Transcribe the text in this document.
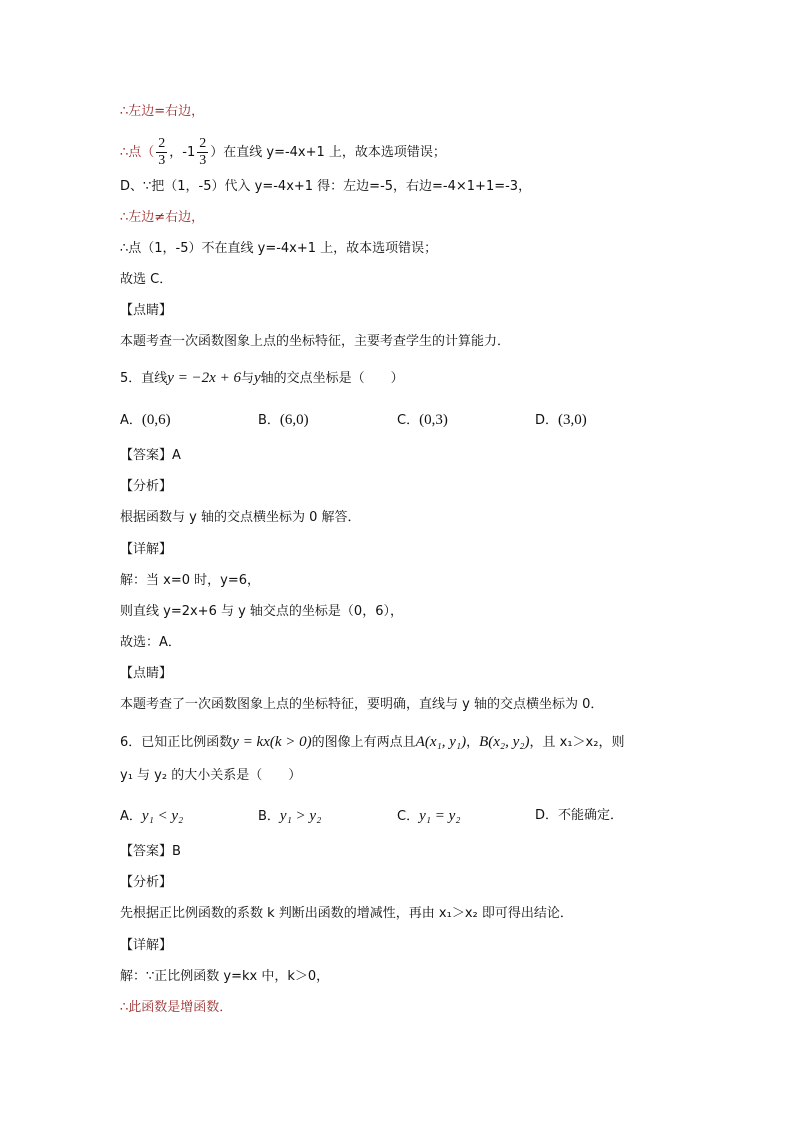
∴左边=右边，
∴点（ $\frac{2}{3}$ ，$-1 \frac{2}{3}$ ）在直线 y=-4x+1 上，故本选项错误；
D、∵把（1，-5）代入 y=-4x+1 得：左边=-5，右边=-4×1+1=-3，
∴左边≠右边，
∴点（1，-5）不在直线 y=-4x+1 上，故本选项错误；
故选 C．
【点睛】
本题考查一次函数图象上点的坐标特征，主要考查学生的计算能力．
5．直线y = −2x + 6与y轴的交点坐标是（　　）
A．(0,6)	B．(6,0)	C．(0,3)	D．(3,0)
【答案】A
【分析】
根据函数与 y 轴的交点横坐标为 0 解答．
【详解】
解：当 x=0 时，y=6，
则直线 y=2x+6 与 y 轴交点的坐标是（0，6），
故选：A．
【点睛】
本题考查了一次函数图象上点的坐标特征，要明确，直线与 y 轴的交点横坐标为 0．
6．已知正比例函数y = kx(k > 0)的图像上有两点且A(x₁, y₁)，B(x₂, y₂)，且 x₁＞x₂，则
y₁ 与 y₂ 的大小关系是（　　）
A．y₁ < y₂	B．y₁ > y₂	C．y₁ = y₂	D．不能确定．
【答案】B
【分析】
先根据正比例函数的系数 k 判断出函数的增减性，再由 x₁＞x₂ 即可得出结论．
【详解】
解：∵正比例函数 y=kx 中，k＞0，
∴此函数是增函数．
